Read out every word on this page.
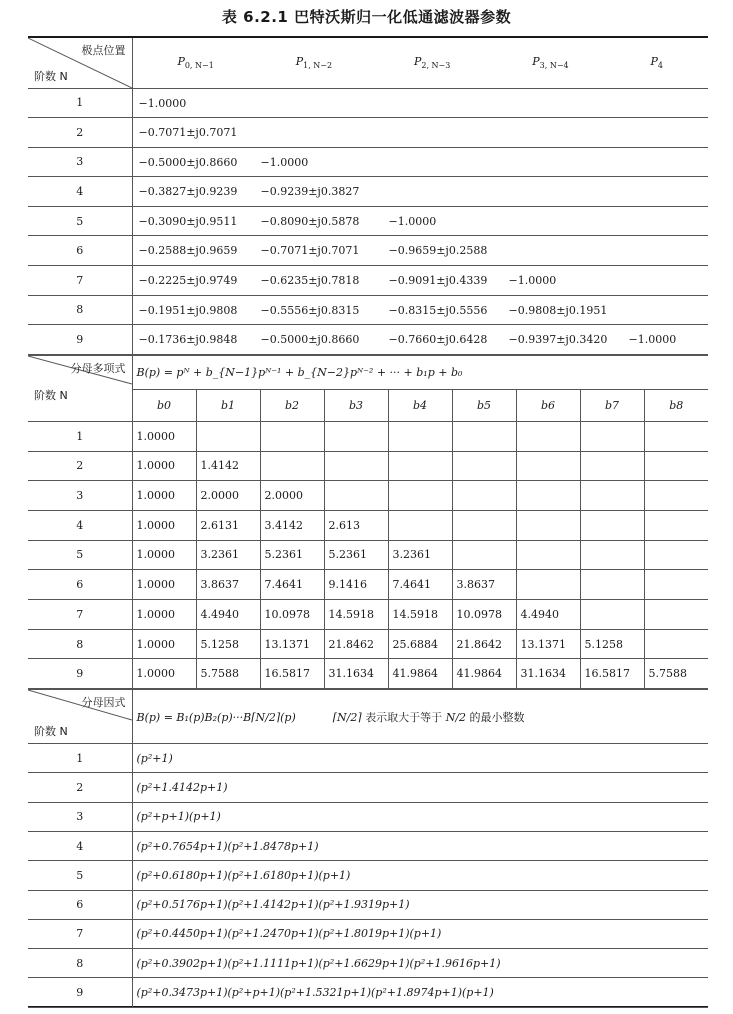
表 6.2.1 巴特沃斯归一化低通滤波器参数
极点位置
阶数 N	$P_{0, N-1}$ $P_{1, N-2}$ $P_{2, N-3}$ $P_{3, N-4}$ $P_4$

1	−1.0000

2	−0.7071±j0.7071

3	−0.5000±j0.8660 −1.0000

4	−0.3827±j0.9239 −0.9239±j0.3827

5	−0.3090±j0.9511 −0.8090±j0.5878 −1.0000

6	−0.2588±j0.9659 −0.7071±j0.7071 −0.9659±j0.2588

7	−0.2225±j0.9749 −0.6235±j0.7818 −0.9091±j0.4339 −1.0000

8	−0.1951±j0.9808 −0.5556±j0.8315 −0.8315±j0.5556 −0.9808±j0.1951

9	−0.1736±j0.9848 −0.5000±j0.8660 −0.7660±j0.6428 −0.9397±j0.3420 −1.0000
分母多项式
阶数 N	B(p) = pᴺ + b_{N−1}pᴺ⁻¹ + b_{N−2}pᴺ⁻² + ··· + b₁p + b₀								
	b0	b1	b2	b3	b4	b5	b6	b7	b8
1	1.0000								
2	1.0000	1.4142							
3	1.0000	2.0000	2.0000						
4	1.0000	2.6131	3.4142	2.613					
5	1.0000	3.2361	5.2361	5.2361	3.2361				
6	1.0000	3.8637	7.4641	9.1416	7.4641	3.8637			
7	1.0000	4.4940	10.0978	14.5918	14.5918	10.0978	4.4940		
8	1.0000	5.1258	13.1371	21.8462	25.6884	21.8642	13.1371	5.1258	
9	1.0000	5.7588	16.5817	31.1634	41.9864	41.9864	31.1634	16.5817	5.7588
分母因式
阶数 N	B(p) = B₁(p)B₂(p)···B⌈N/2⌉(p) ⌈N/2⌉ 表示取大于等于 N/2 的最小整数
1	(p²+1)
2	(p²+1.4142p+1)
3	(p²+p+1)(p+1)
4	(p²+0.7654p+1)(p²+1.8478p+1)
5	(p²+0.6180p+1)(p²+1.6180p+1)(p+1)
6	(p²+0.5176p+1)(p²+1.4142p+1)(p²+1.9319p+1)
7	(p²+0.4450p+1)(p²+1.2470p+1)(p²+1.8019p+1)(p+1)
8	(p²+0.3902p+1)(p²+1.1111p+1)(p²+1.6629p+1)(p²+1.9616p+1)
9	(p²+0.3473p+1)(p²+p+1)(p²+1.5321p+1)(p²+1.8974p+1)(p+1)
